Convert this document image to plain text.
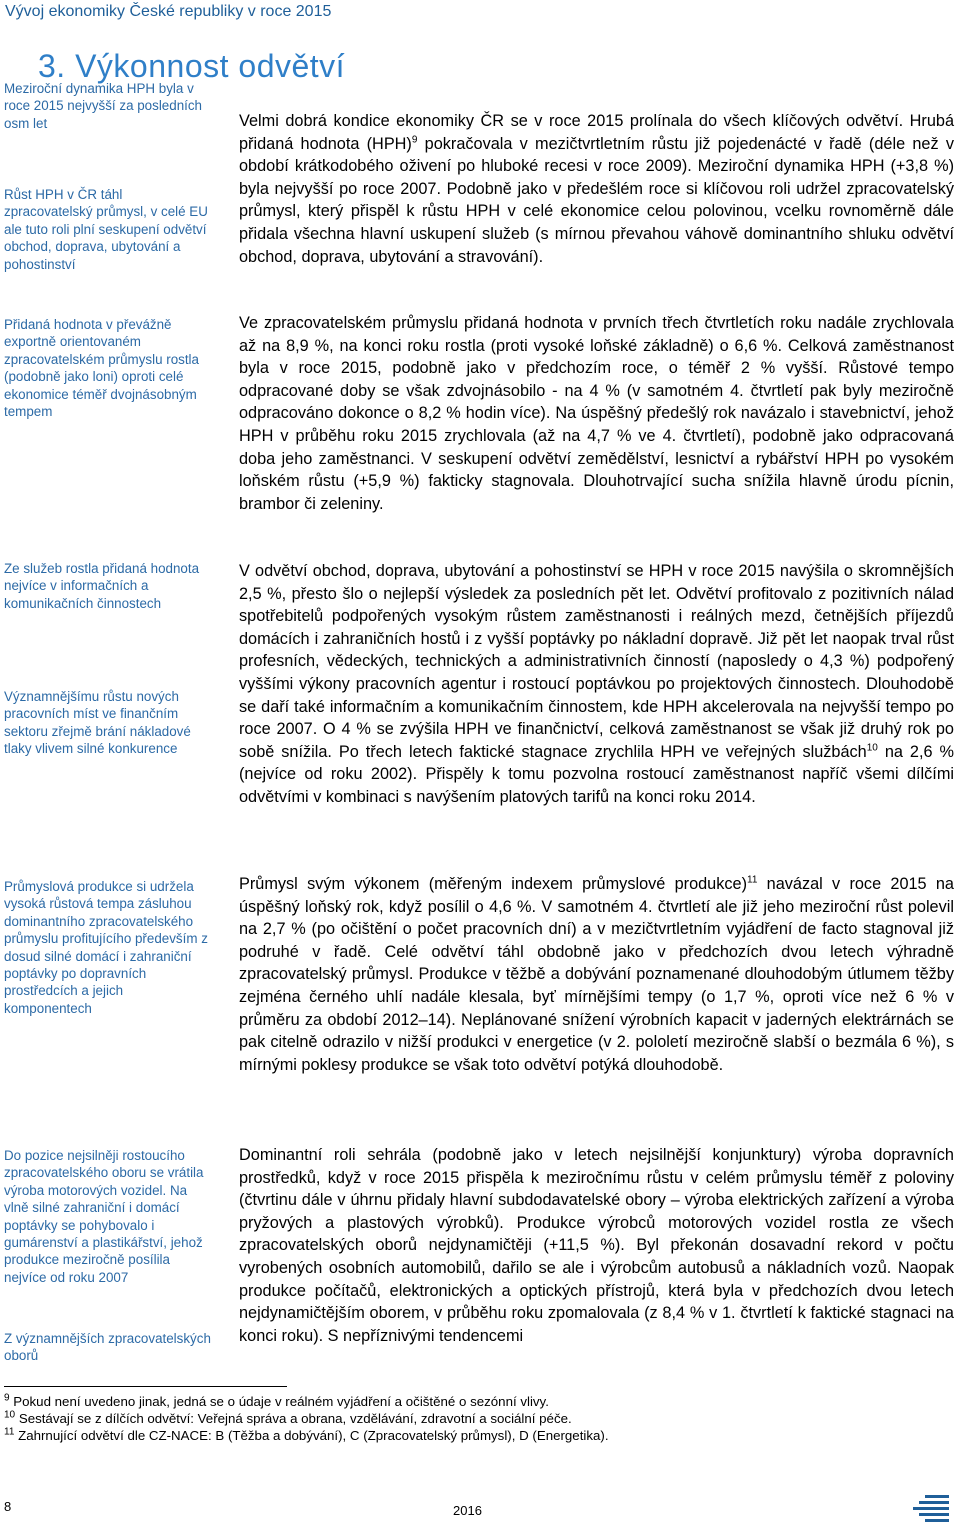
Vývoj ekonomiky České republiky v roce 2015
3. Výkonnost odvětví
Meziroční dynamika HPH byla v roce 2015 nejvyšší za posledních osm let
Růst HPH v ČR táhl zpracovatelský průmysl, v celé EU ale tuto roli plní seskupení odvětví obchod, doprava, ubytování a pohostinství
Přidaná hodnota v převážně exportně orientovaném zpracovatelském průmyslu rostla (podobně jako loni) oproti celé ekonomice téměř dvojnásobným tempem
Ze služeb rostla přidaná hodnota nejvíce v informačních a komunikačních činnostech
Významnějšímu růstu nových pracovních míst ve finančním sektoru zřejmě brání nákladové tlaky vlivem silné konkurence
Průmyslová produkce si udržela vysoká růstová tempa zásluhou dominantního zpracovatelského průmyslu profitujícího především z dosud silné domácí i zahraniční poptávky po dopravních prostředcích a jejich komponentech
Do pozice nejsilněji rostoucího zpracovatelského oboru se vrátila výroba motorových vozidel. Na vlně silné zahraniční i domácí poptávky se pohybovalo i gumárenství a plastikářství, jehož produkce meziročně posílila nejvíce od roku 2007
Z významnějších zpracovatelských oborů

Velmi dobrá kondice ekonomiky ČR se v roce 2015 prolínala do všech klíčových odvětví. Hrubá přidaná hodnota (HPH)$^9$ pokračovala v mezičtvrtletním růstu již pojedenácté v řadě (déle než v období krátkodobého oživení po hluboké recesi v roce 2009). Meziroční dynamika HPH (+3,8 %) byla nejvyšší po roce 2007. Podobně jako v předešlém roce si klíčovou roli udržel zpracovatelský průmysl, který přispěl k růstu HPH v celé ekonomice celou polovinou, vcelku rovnoměrně dále přidala všechna hlavní uskupení služeb (s mírnou převahou váhově dominantního shluku odvětví obchod, doprava, ubytování a stravování).

Ve zpracovatelském průmyslu přidaná hodnota v prvních třech čtvrtletích roku nadále zrychlovala až na 8,9 %, na konci roku rostla (proti vysoké loňské základně) o 6,6 %. Celková zaměstnanost byla v roce 2015, podobně jako v předchozím roce, o téměř 2 % vyšší. Růstové tempo odpracované doby se však zdvojnásobilo - na 4 % (v samotném 4. čtvrtletí pak byly meziročně odpracováno dokonce o 8,2 % hodin více). Na úspěšný předešlý rok navázalo i stavebnictví, jehož HPH v průběhu roku 2015 zrychlovala (až na 4,7 % ve 4. čtvrtletí), podobně jako odpracovaná doba jeho zaměstnanci. V seskupení odvětví zemědělství, lesnictví a rybářství HPH po vysokém loňském růstu (+5,9 %) fakticky stagnovala. Dlouhotrvající sucha snížila hlavně úrodu pícnin, brambor či zeleniny.

V odvětví obchod, doprava, ubytování a pohostinství se HPH v roce 2015 navýšila o skromnějších 2,5 %, přesto šlo o nejlepší výsledek za posledních pět let. Odvětví profitovalo z pozitivních nálad spotřebitelů podpořených vysokým růstem zaměstnanosti i reálných mezd, četnějších příjezdů domácích i zahraničních hostů i z vyšší poptávky po nákladní dopravě. Již pět let naopak trval růst profesních, vědeckých, technických a administrativních činností (naposledy o 4,3 %) podpořený vyššími výkony pracovních agentur i rostoucí poptávkou po projektových činnostech. Dlouhodobě se daří také informačním a komunikačním činnostem, kde HPH akcelerovala na nejvyšší tempo po roce 2007. O 4 % se zvýšila HPH ve finančnictví, celková zaměstnanost se však již druhý rok po sobě snížila. Po třech letech faktické stagnace zrychlila HPH ve veřejných službách$^{10}$ na 2,6 % (nejvíce od roku 2002). Přispěly k tomu pozvolna rostoucí zaměstnanost napříč všemi dílčími odvětvími v kombinaci s navýšením platových tarifů na konci roku 2014.

Průmysl svým výkonem (měřeným indexem průmyslové produkce)$^{11}$ navázal v roce 2015 na úspěšný loňský rok, když posílil o 4,6 %. V samotném 4. čtvrtletí ale již jeho meziroční růst polevil na 2,7 % (po očištění o počet pracovních dní) a v mezičtvrtletním vyjádření de facto stagnoval již podruhé v řadě. Celé odvětví táhl obdobně jako v předchozích dvou letech výhradně zpracovatelský průmysl. Produkce v těžbě a dobývání poznamenané dlouhodobým útlumem těžby zejména černého uhlí nadále klesala, byť mírnějšími tempy (o 1,7 %, oproti více než 6 % v průměru za období 2012–14). Neplánované snížení výrobních kapacit v jaderných elektrárnách se pak citelně odrazilo v nižší produkci v energetice (v 2. pololetí meziročně slabší o bezmála 6 %), s mírnými poklesy produkce se však toto odvětví potýká dlouhodobě.

Dominantní roli sehrála (podobně jako v letech nejsilnější konjunktury) výroba dopravních prostředků, když v roce 2015 přispěla k meziročnímu růstu v celém průmyslu téměř z poloviny (čtvrtinu dále v úhrnu přidaly hlavní subdodavatelské obory – výroba elektrických zařízení a výroba pryžových a plastových výrobků). Produkce výrobců motorových vozidel rostla ze všech zpracovatelských oborů nejdynamičtěji (+11,5 %). Byl překonán dosavadní rekord v počtu vyrobených osobních automobilů, dařilo se ale i výrobcům autobusů a nákladních vozů. Naopak produkce počítačů, elektronických a optických přístrojů, která byla v předchozích dvou letech nejdynamičtějším oborem, v průběhu roku zpomalovala (z 8,4 % v 1. čtvrtletí k faktické stagnaci na konci roku). S nepříznivými tendencemi

$^9$ Pokud není uvedeno jinak, jedná se o údaje v reálném vyjádření a očištěné o sezónní vlivy.

$^{10}$ Sestávají se z dílčích odvětví: Veřejná správa a obrana, vzdělávání, zdravotní a sociální péče.

$^{11}$ Zahrnující odvětví dle CZ-NACE: B (Těžba a dobývání), C (Zpracovatelský průmysl), D (Energetika).

8	2016
